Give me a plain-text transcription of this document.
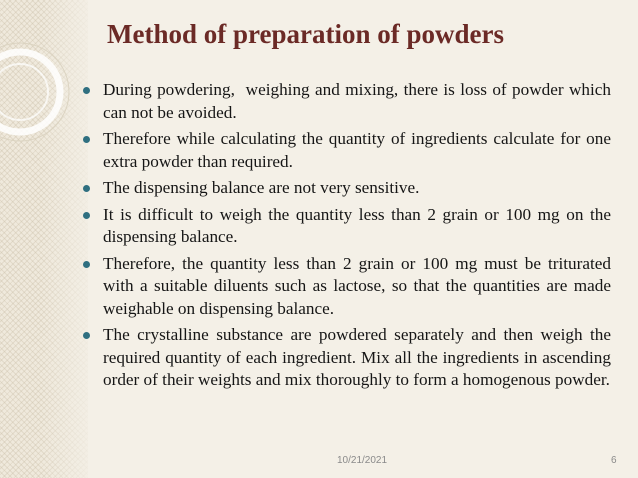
Method of preparation of powders
During powdering,  weighing and mixing, there is loss of powder which can not be avoided.
Therefore while calculating the quantity of ingredients calculate for one extra powder than required.
The dispensing balance are not very sensitive.
It is difficult to weigh the quantity less than 2 grain or 100 mg on the dispensing balance.
Therefore, the quantity less than 2 grain or 100 mg must be triturated with a suitable diluents such as lactose, so that the quantities are made weighable on dispensing balance.
The crystalline substance are powdered separately and then weigh the required quantity of each ingredient. Mix all the ingredients in ascending order of their weights and mix thoroughly to form a homogenous powder.
10/21/2021	6
